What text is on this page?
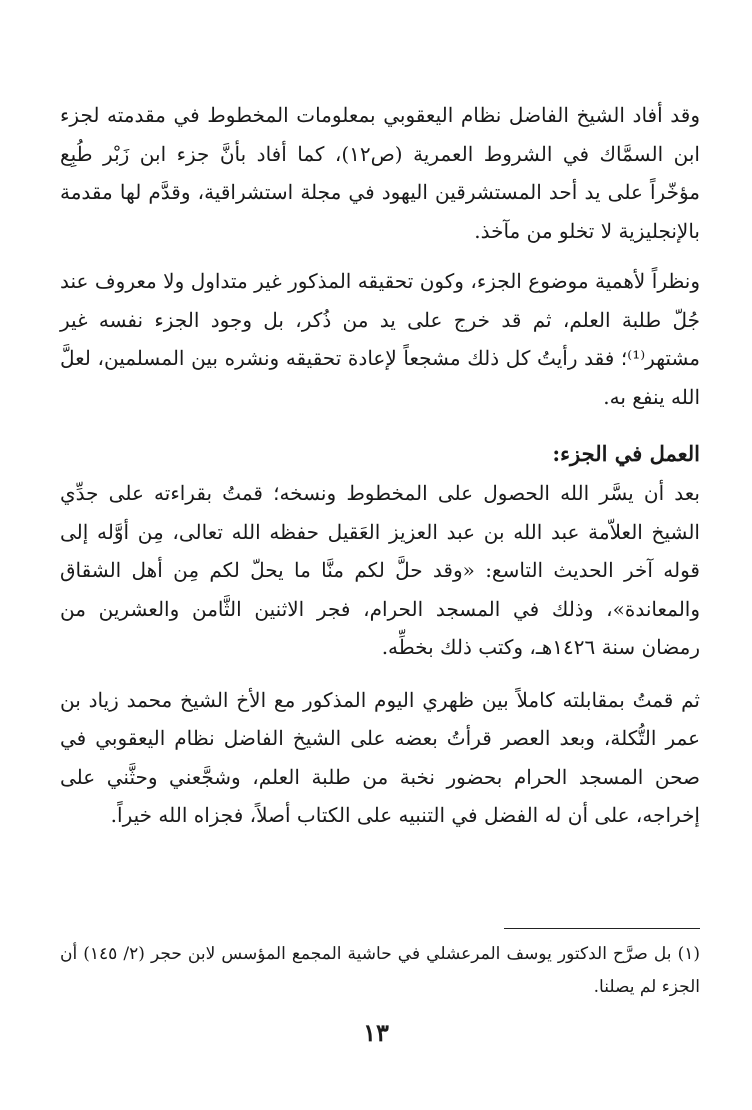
وقد أفاد الشيخ الفاضل نظام اليعقوبي بمعلومات المخطوط في مقدمته لجزء ابن السمَّاك في الشروط العمرية (ص١٢)، كما أفاد بأنَّ جزء ابن زَبْر طُبِع مؤخّراً على يد أحد المستشرقين اليهود في مجلة استشراقية، وقدَّم لها مقدمة بالإنجليزية لا تخلو من مآخذ.

ونظراً لأهمية موضوع الجزء، وكون تحقيقه المذكور غير متداول ولا معروف عند جُلّ طلبة العلم، ثم قد خرج على يد من ذُكر، بل وجود الجزء نفسه غير مشتهر⁽¹⁾؛ فقد رأيتُ كل ذلك مشجعاً لإعادة تحقيقه ونشره بين المسلمين، لعلَّ الله ينفع به.

العمل في الجزء:

بعد أن يسَّر الله الحصول على المخطوط ونسخه؛ قمتُ بقراءته على جدِّي الشيخ العلاّمة عبد الله بن عبد العزيز العَقيل حفظه الله تعالى، مِن أوَّله إلى قوله آخر الحديث التاسع: «وقد حلَّ لكم منَّا ما يحلّ لكم مِن أهل الشقاق والمعاندة»، وذلك في المسجد الحرام، فجر الاثنين الثَّامن والعشرين من رمضان سنة ١٤٢٦هـ، وكتب ذلك بخطِّه.

ثم قمتُ بمقابلته كاملاً بين ظهري اليوم المذكور مع الأخ الشيخ محمد زياد بن عمر التُّكلة، وبعد العصر قرأتُ بعضه على الشيخ الفاضل نظام اليعقوبي في صحن المسجد الحرام بحضور نخبة من طلبة العلم، وشجَّعني وحثَّني على إخراجه، على أن له الفضل في التنبيه على الكتاب أصلاً، فجزاه الله خيراً.

(١) بل صرَّح الدكتور يوسف المرعشلي في حاشية المجمع المؤسس لابن حجر (٢/ ١٤٥) أن الجزء لم يصلنا.

١٣
